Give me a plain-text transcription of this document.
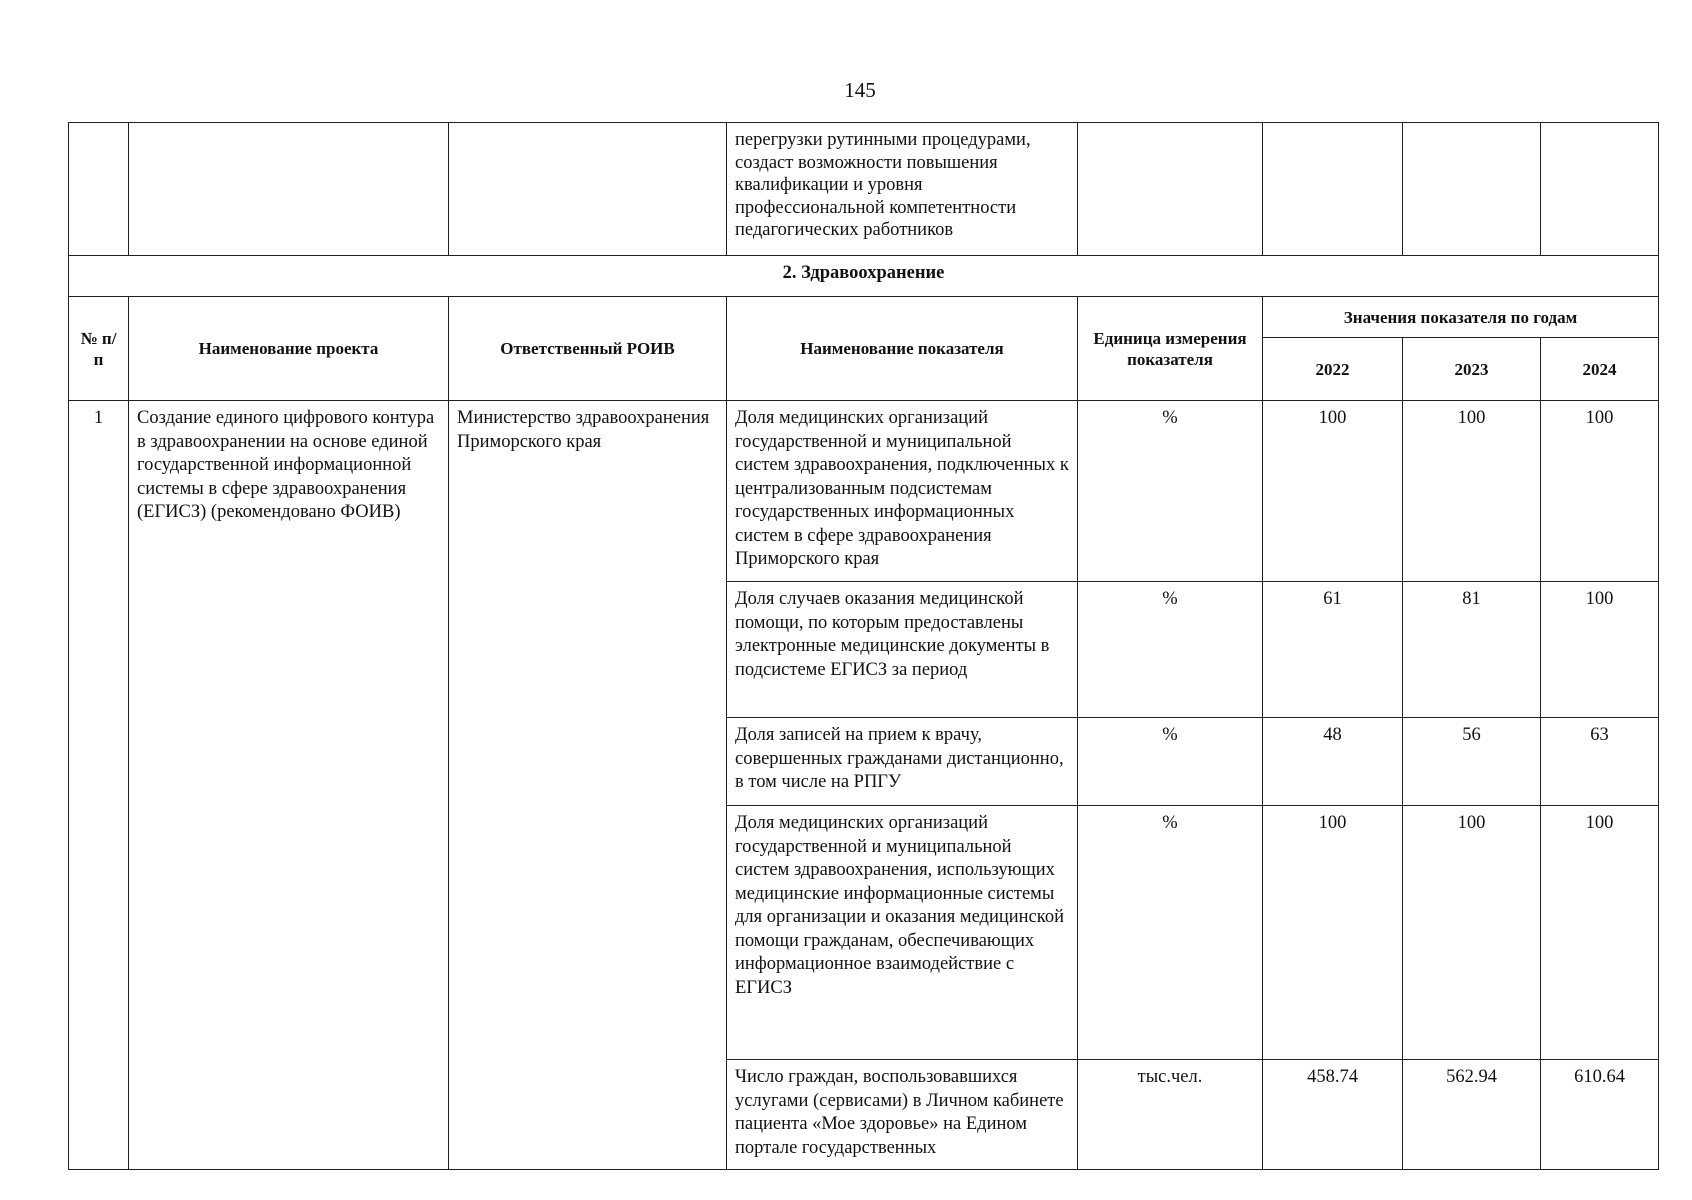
145
			перегрузки рутинными процедурами, создаст возможности повышения квалификации и уровня профессиональной компетентности педагогических работников				
2. Здравоохранение							
№ п/п	Наименование проекта	Ответственный РОИВ	Наименование показателя	Единица измерения показателя	Значения показателя по годам		
					2022	2023	2024
1	Создание единого цифрового контура в здравоохранении на основе единой государственной информационной системы в сфере здравоохранения (ЕГИСЗ) (рекомендовано ФОИВ)	Министерство здравоохранения Приморского края	Доля медицинских организаций государственной и муниципальной систем здравоохранения, подключенных к централизованным подсистемам государственных информационных систем в сфере здравоохранения Приморского края	%	100	100	100
			Доля случаев оказания медицинской помощи, по которым предоставлены электронные медицинские документы в подсистеме ЕГИСЗ за период	%	61	81	100
			Доля записей на прием к врачу, совершенных гражданами дистанционно, в том числе на РПГУ	%	48	56	63
			Доля медицинских организаций государственной и муниципальной систем здравоохранения, использующих медицинские информационные системы для организации и оказания медицинской помощи гражданам, обеспечивающих информационное взаимодействие с ЕГИСЗ	%	100	100	100
			Число граждан, воспользовавшихся услугами (сервисами) в Личном кабинете пациента «Мое здоровье» на Едином портале государственных	тыс.чел.	458.74	562.94	610.64
